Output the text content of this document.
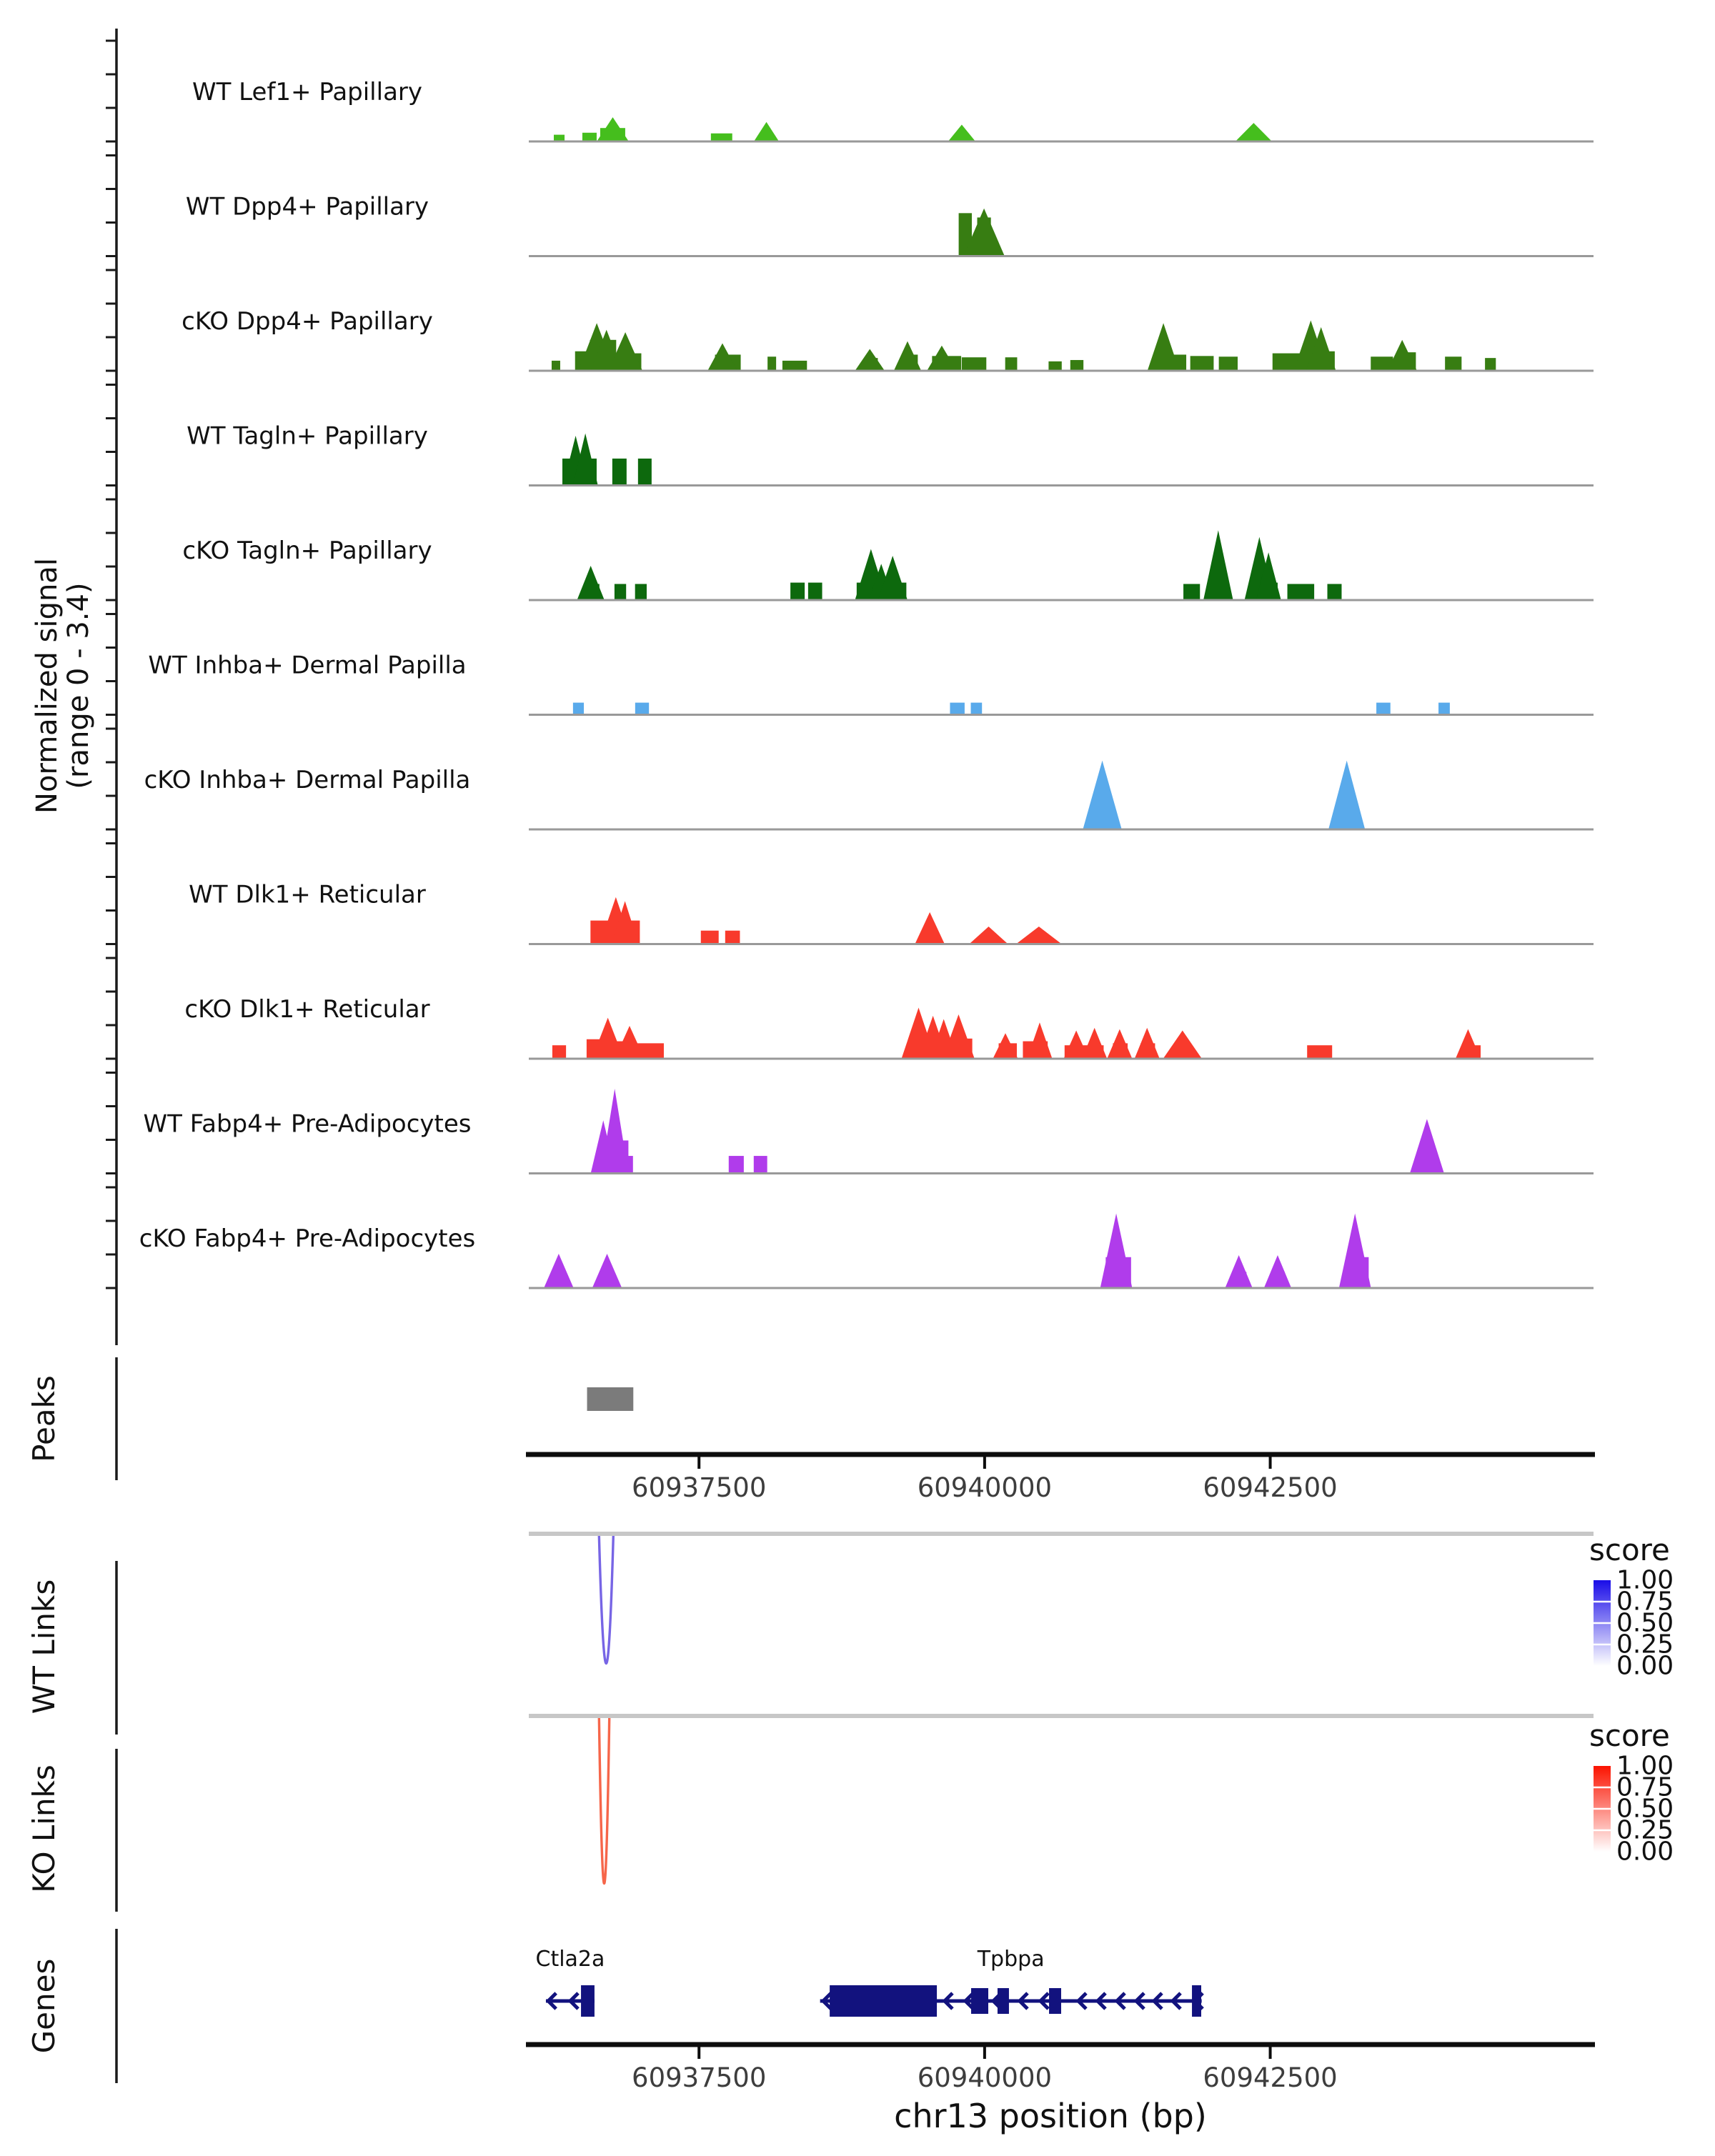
WT Lef1+ Papillary
WT Dpp4+ Papillary
cKO Dpp4+ Papillary
WT Tagln+ Papillary
cKO Tagln+ Papillary
WT Inhba+ Dermal Papilla
cKO Inhba+ Dermal Papilla
WT Dlk1+ Reticular
cKO Dlk1+ Reticular
WT Fabp4+ Pre-Adipocytes
cKO Fabp4+ Pre-Adipocytes
60937500	60940000	60942500
1.00
0.75
0.50
0.25
0.00
1.00
0.75
0.50
0.25
0.00
Ctla2a	Tpbpa
60937500	60940000	60942500
Normalized signal
(range 0 - 3.4)
Peaks
WT Links
KO Links
Genes
score
score
chr13 position (bp)
